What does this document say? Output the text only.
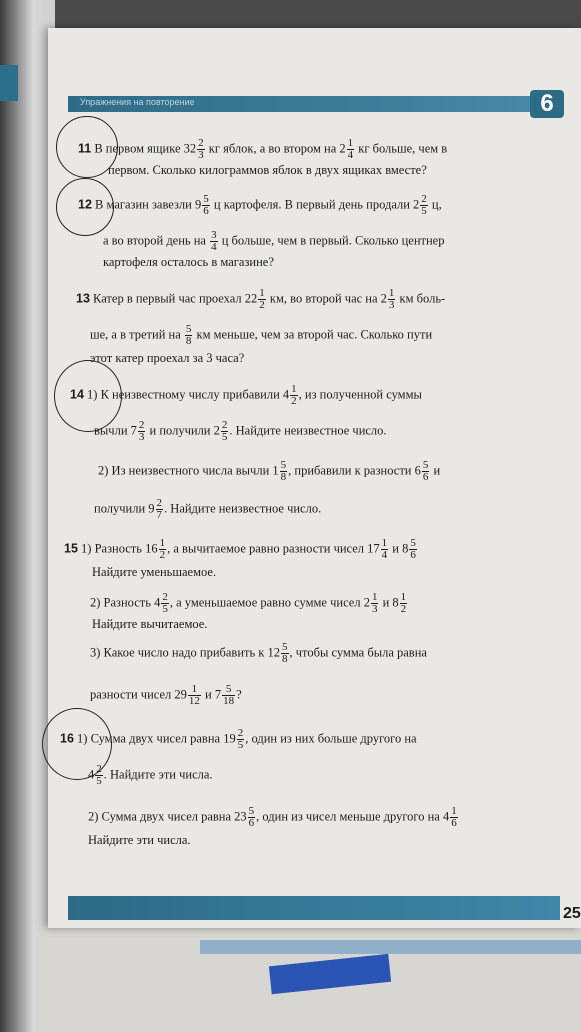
Упражнения на повторение	6
11 В первом ящике $32 \frac{2}{3}$ кг яблок, а во втором на $2 \frac{1}{4}$ кг больше, чем в
первом. Сколько килограммов яблок в двух ящиках вместе?
12 В магазин завезли $9 \frac{5}{6}$ ц картофеля. В первый день продали $2 \frac{2}{5} ц$,
а во второй день на $\frac{3}{4}$ ц больше, чем в первый. Сколько центнер
картофеля осталось в магазине?
13 Катер в первый час проехал $22 \frac{1}{2}$ км, во второй час на $2 \frac{1}{3}$ км боль-
ше, а в третий на $\frac{5}{8}$ км меньше, чем за второй час. Сколько пути
этот катер проехал за 3 часа?
14 1) К неизвестному числу прибавили $4 \frac{1}{2}$ , из полученной суммы
вычли $7 \frac{2}{3}$ и получили $2 \frac{2}{5}$ . Найдите неизвестное число.
2) Из неизвестного числа вычли $1 \frac{5}{8}$ , прибавили к разности $6 \frac{5}{6}$ и
получили $9 \frac{2}{7}$ . Найдите неизвестное число.
15 1) Разность $16 \frac{1}{2}$ , а вычитаемое равно разности чисел $17 \frac{1}{4}$ и $8 \frac{5}{6}$
Найдите уменьшаемое.
2) Разность $4 \frac{2}{5}$ , а уменьшаемое равно сумме чисел $2 \frac{1}{3}$ и $8 \frac{1}{2}$
Найдите вычитаемое.
3) Какое число надо прибавить к $12 \frac{5}{8}$ , чтобы сумма была равна
разности чисел $29 \frac{1}{12}$ и $7 \frac{5}{18}$ ?
16 1) Сумма двух чисел равна $19 \frac{2}{5}$ , один из них больше другого на
$4 \frac{2}{5}$ . Найдите эти числа.
2) Сумма двух чисел равна $23 \frac{5}{6}$ , один из чисел меньше другого на $4 \frac{1}{6}$
Найдите эти числа.
25
